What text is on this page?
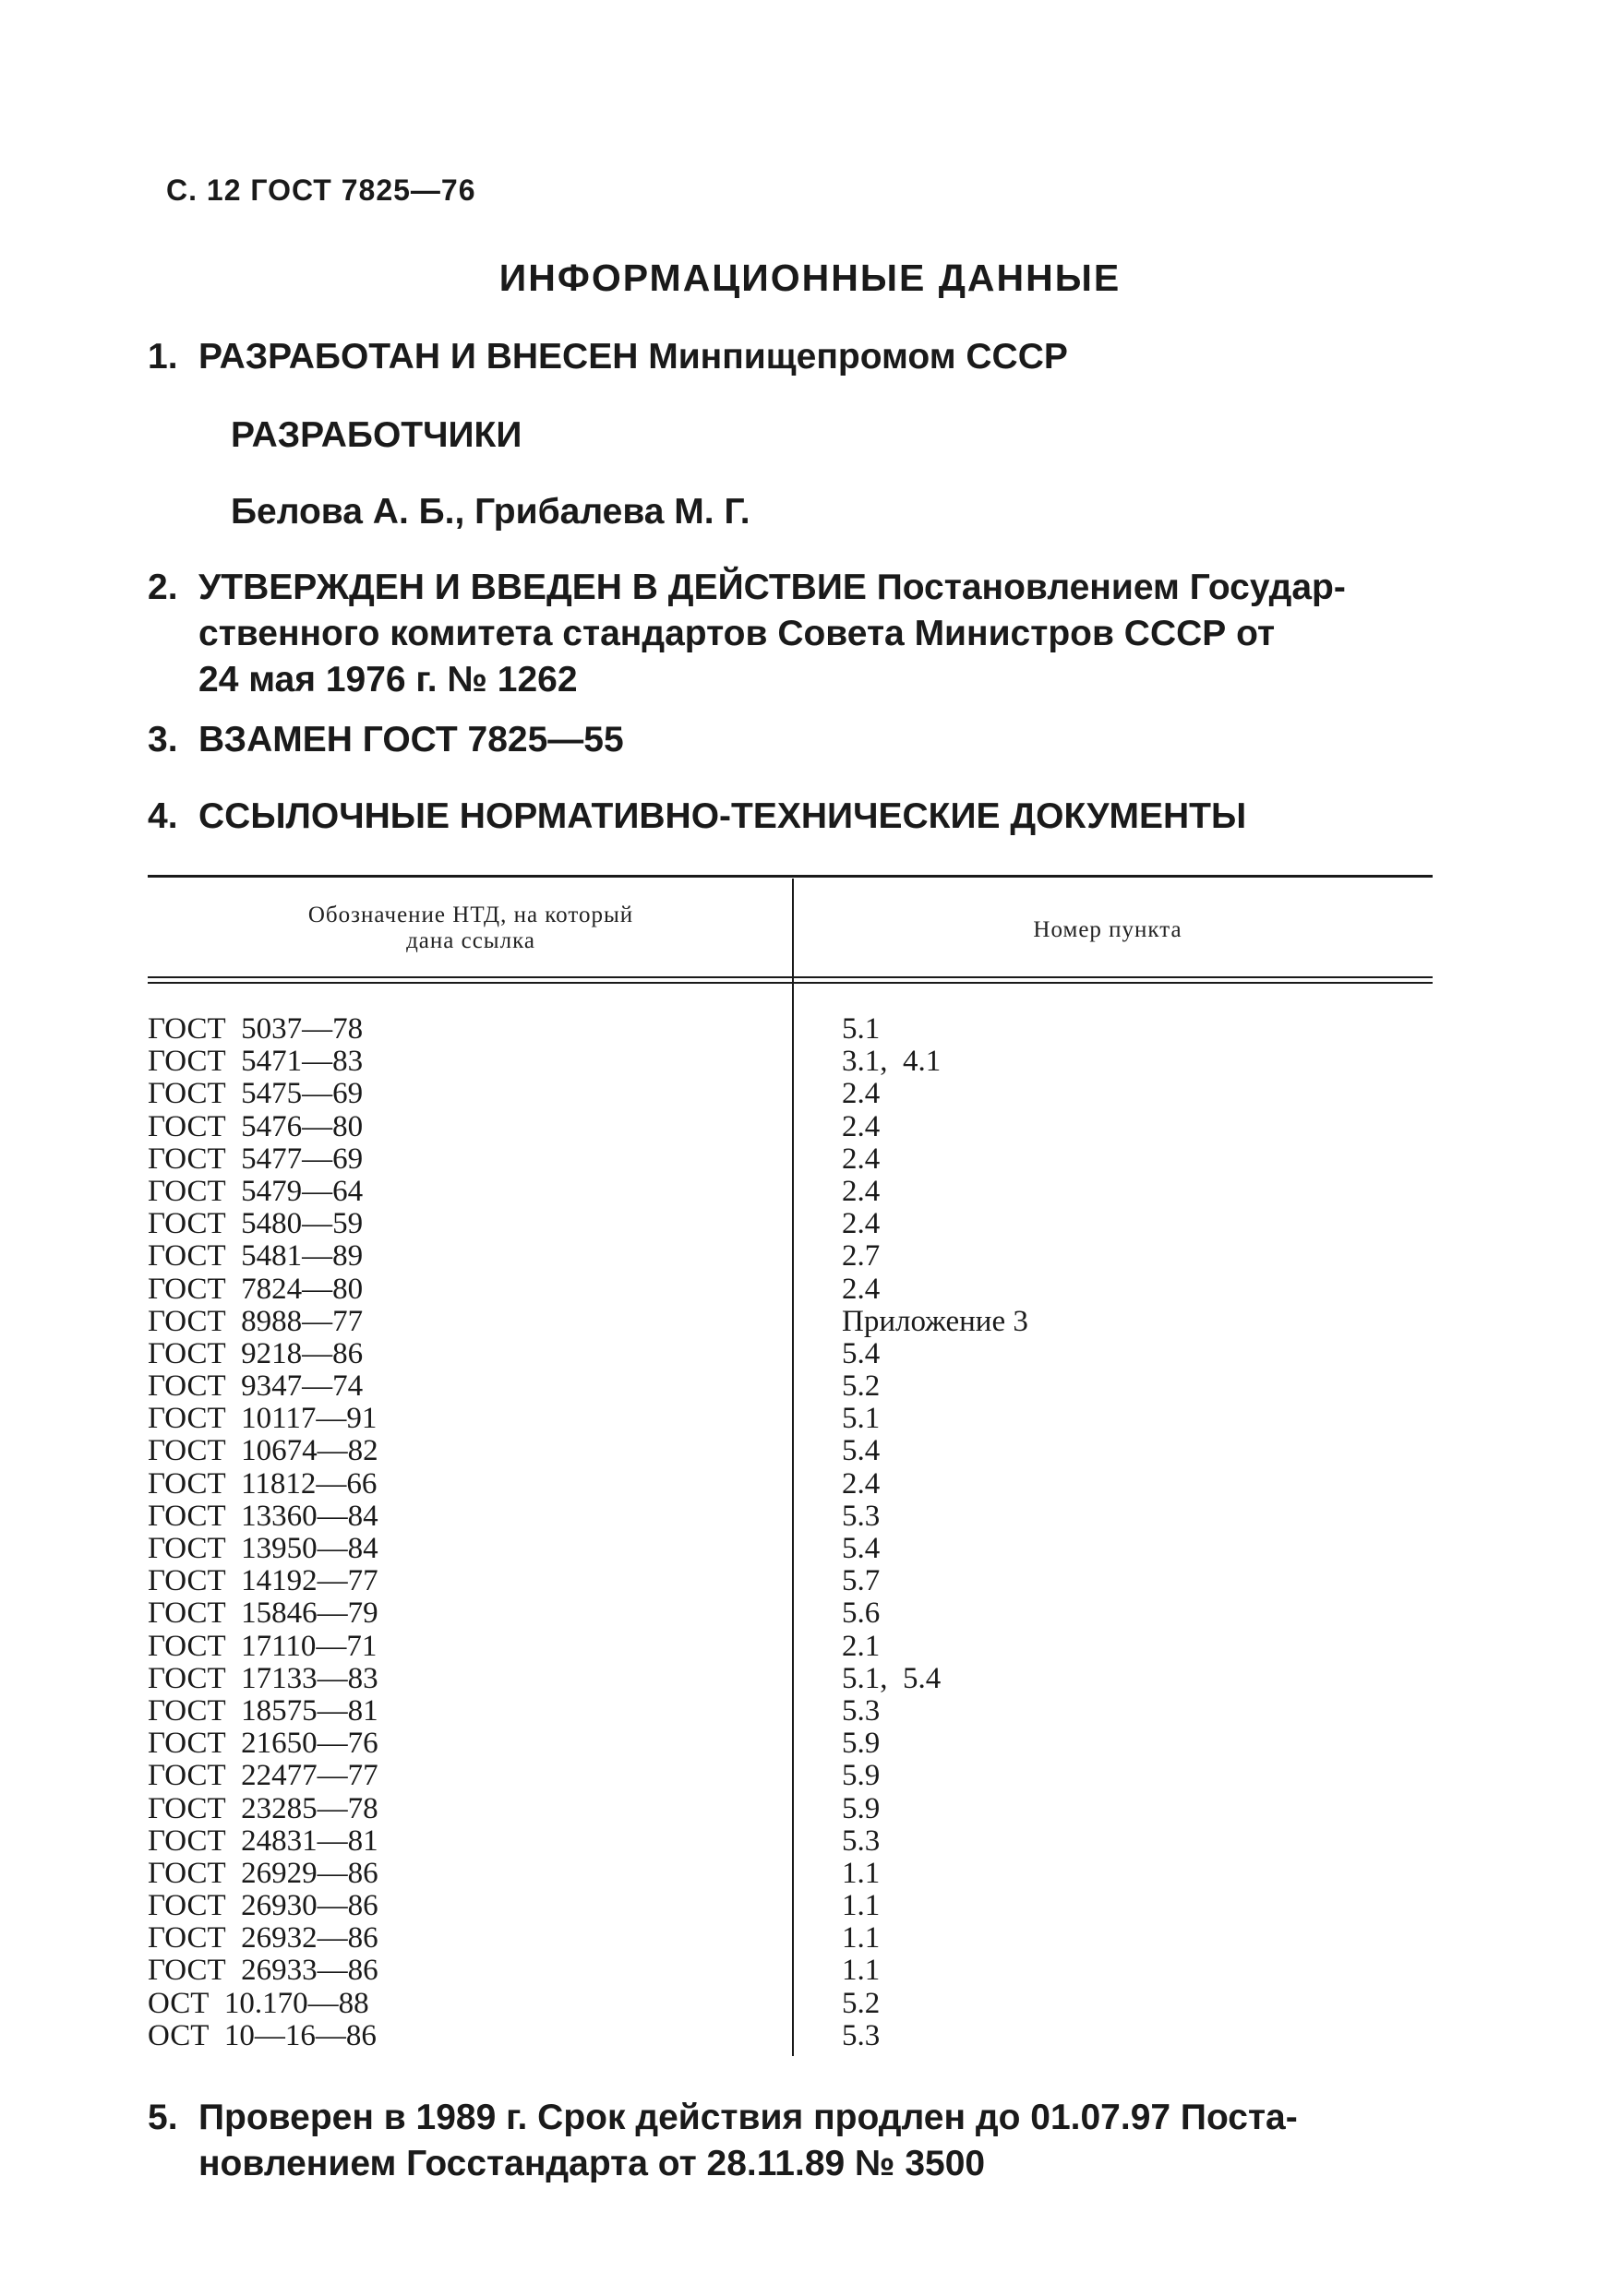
С. 12 ГОСТ 7825—76
ИНФОРМАЦИОННЫЕ ДАННЫЕ
1. РАЗРАБОТАН И ВНЕСЕН Минпищепромом СССР
РАЗРАБОТЧИКИ
Белова А. Б., Грибалева М. Г.
2. УТВЕРЖДЕН И ВВЕДЕН В ДЕЙСТВИЕ Постановлением Государ-
ственного комитета стандартов Совета Министров СССР от
24 мая 1976 г. № 1262
3. ВЗАМЕН ГОСТ 7825—55
4. ССЫЛОЧНЫЕ НОРМАТИВНО-ТЕХНИЧЕСКИЕ ДОКУМЕНТЫ
Обозначение НТД, на который
дана ссылка	Номер пункта
ГОСТ  5037—78
ГОСТ  5471—83
ГОСТ  5475—69
ГОСТ  5476—80
ГОСТ  5477—69
ГОСТ  5479—64
ГОСТ  5480—59
ГОСТ  5481—89
ГОСТ  7824—80
ГОСТ  8988—77
ГОСТ  9218—86
ГОСТ  9347—74
ГОСТ  10117—91
ГОСТ  10674—82
ГОСТ  11812—66
ГОСТ  13360—84
ГОСТ  13950—84
ГОСТ  14192—77
ГОСТ  15846—79
ГОСТ  17110—71
ГОСТ  17133—83
ГОСТ  18575—81
ГОСТ  21650—76
ГОСТ  22477—77
ГОСТ  23285—78
ГОСТ  24831—81
ГОСТ  26929—86
ГОСТ  26930—86
ГОСТ  26932—86
ГОСТ  26933—86
ОСТ  10.170—88
ОСТ  10—16—86
5.1
3.1,  4.1
2.4
2.4
2.4
2.4
2.4
2.7
2.4
Приложение 3
5.4
5.2
5.1
5.4
2.4
5.3
5.4
5.7
5.6
2.1
5.1,  5.4
5.3
5.9
5.9
5.9
5.3
1.1
1.1
1.1
1.1
5.2
5.3
5. Проверен в 1989 г. Срок действия продлен до 01.07.97 Поста-
новлением Госстандарта от 28.11.89 № 3500
